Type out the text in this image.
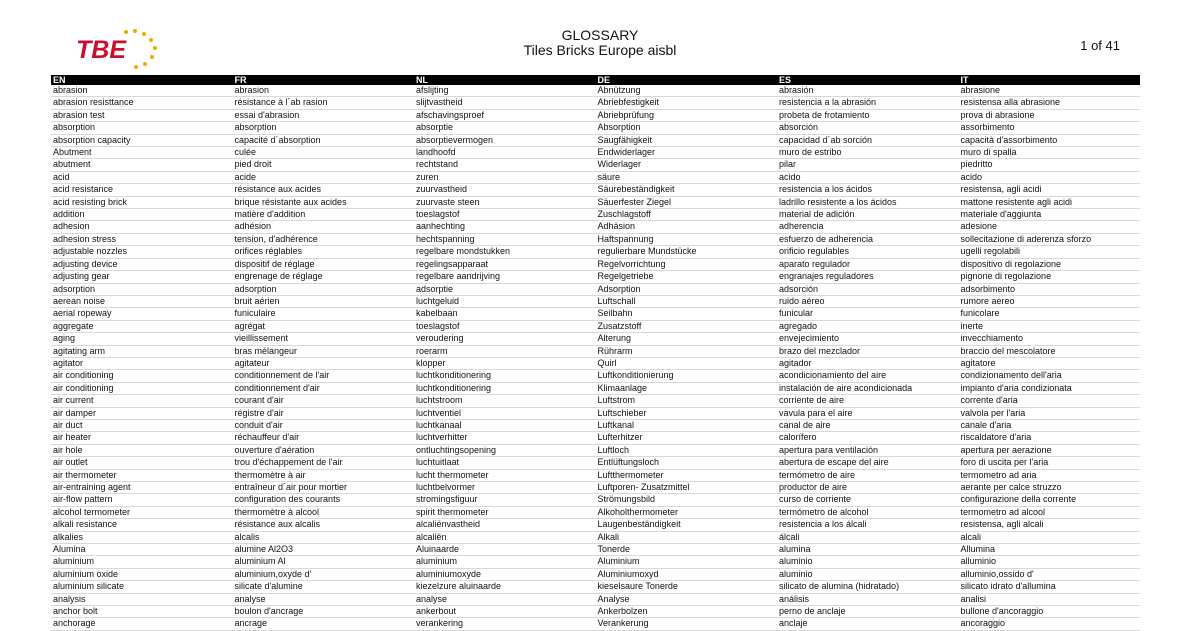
TBE
GLOSSARY
Tiles Bricks Europe aisbl	1 of 41
EN	FR	NL	DE	ES	IT
abrasion	abrasion	afslijting	Abnützung	abrasión	abrasione
abrasion resisttance	résistance à l´ab rasion	slijtvastheid	Abriebfestigkeit	resistencia a la abrasión	resistensa alla abrasione
abrasion test	essai d'abrasion	afschavingsproef	Abriebprüfung	probeta de frotamiento	prova di abrasione
absorption	absorption	absorptie	Absorption	absorción	assorbimento
absorption capacity	capacité d´absorption	absorptievermogen	Saugfähigkeit	capacidad d´ab sorción	capacità d'assorbimento
Abutment	culée	landhoofd	Endwiderlager	muro de estribo	muro di spalla
abutment	pied droit	rechtstand	Widerlager	pilar	piedritto
acid	acide	zuren	säure	acido	acido
acid resistance	résistance aux acides	zuurvastheid	Säurebeständigkeit	resistencia a los ácidos	resistensa, agli acidi
acid resisting brick	brique résistante aux acides	zuurvaste steen	Säuerfester Ziegel	ladrillo resistente a los ácidos	mattone resistente agli acidi
addition	matière d'addition	toeslagstof	Zuschlagstoff	material de adición	materiale d'aggiunta
adhesion	adhésion	aanhechting	Adhäsion	adherencia	adesione
adhesion stress	tension, d'adhérence	hechtspanning	Haftspannung	esfuerzo de adherencia	sollecitazione di aderenza sforzo
adjustable nozzles	orifices réglables	regelbare mondstukken	regulierbare Mundstücke	orificio regulables	ugelli regolabili
adjusting device	dispositif de réglage	regelingsapparaat	Regelvorrichtung	aparato regulador	dispositivo di regolazione
adjusting gear	engrenage de réglage	regelbare aandrijving	Regelgetriebe	engranajes reguladores	pignone di regolazione
adsorption	adsorption	adsorptie	Adsorption	adsorción	adsorbimento
aerean noise	bruit aérien	luchtgeluid	Luftschall	ruido aéreo	rumore aereo
aerial ropeway	funiculaire	kabelbaan	Seilbahn	funicular	funicolare
aggregate	agrégat	toeslagstof	Zusatzstoff	agregado	inerte
aging	vieillissement	veroudering	Alterung	envejecimiento	invecchiamento
agitating arm	bras mélangeur	roerarm	Rührarm	brazo del mezclador	braccio del mescolatore
agitator	agitateur	klopper	Quirl	agitador	agitatore
air conditioning	conditionnement de l'air	luchtkonditionering	Luftkonditionierung	acondicionamiento del aire	condizionamento dell'aria
air conditioning	conditionnement d'air	luchtkonditionering	Klimaanlage	instalación de aire acondicionada	impianto d'aria condizionata
air current	courant d'air	luchtstroom	Luftstrom	corriente de aire	corrente d'aria
air damper	régistre d'air	luchtventiel	Luftschieber	vavula para el aire	valvola per l'aria
air duct	conduit d'air	luchtkanaal	Luftkanal	canal de aire	canale d'aria
air heater	réchauffeur d'air	luchtverhitter	Lufterhitzer	calorífero	riscaldatore d'aria
air hole	ouverture d'aération	ontluchtingsopening	Luftloch	apertura para ventilación	apertura per aerazione
air outlet	trou d'échappement de l'air	luchtuitlaat	Entlüftungsloch	abertura de escape del aire	foro di uscita per l'aria
air thermometer	thermomètre à air	lucht thermometer	Luftthermometer	termómetro de aire	termometro ad aria
air-entraining agent	entraîneur d´air pour mortier	luchtbelvormer	Luftporen- Zusatzmittel	productor de aire	aerante per calce struzzo
air-flow pattern	configuration des courants	stromingsfiguur	Strömungsbild	curso de corriente	configurazione della corrente
alcohol termometer	thermomètre à alcool	spirit thermometer	Alkoholthermometer	termómetro de alcohol	termometro ad alcool
alkali resistance	résistance aux alcalis	alcaliënvastheid	Laugenbeständigkeit	resistencia a los álcali	resistensa, agli alcali
alkalies	alcalis	alcaliën	Alkali	álcali	alcali
Alumina	alumine Al2O3	Aluinaarde	Tonerde	alumina	Allumina
aluminium	aluminium Al	aluminium	Aluminium	aluminio	alluminio
aluminium oxide	aluminium,oxyde d'	aluminiumoxyde	Aluminiumoxyd	aluminio	alluminio,ossido d'
aluminium silicate	silicate d'alumine	kiezelzure aluinaarde	kieselsaure Tonerde	silicato de alumina (hidratado)	silicato idrato d'allumina
analysis	analyse	analyse	Analyse	análisis	analisi
anchor bolt	boulon d'ancrage	ankerbout	Ankerbolzen	perno de anclaje	bullone d'ancoraggio
anchorage	ancrage	verankering	Verankerung	anclaje	ancoraggio
